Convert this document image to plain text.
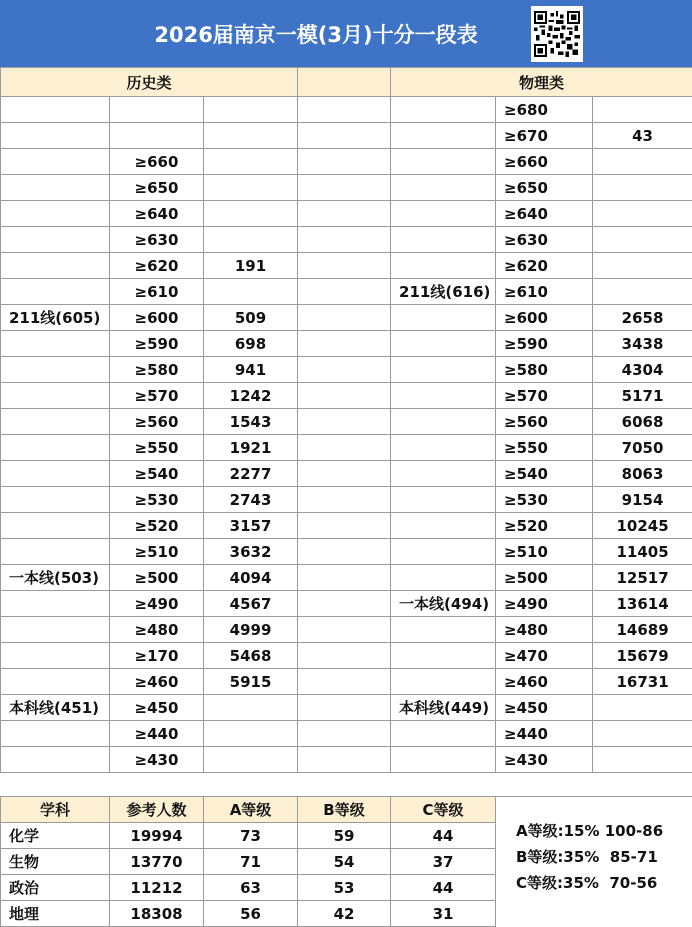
2026届南京一模(3月)十分一段表
历史类				物理类		
					≥680	
					≥670	43
	≥660				≥660	
	≥650				≥650	
	≥640				≥640	
	≥630				≥630	
	≥620	191			≥620	
	≥610			211线(616)	≥610	
211线(605)	≥600	509			≥600	2658
	≥590	698			≥590	3438
	≥580	941			≥580	4304
	≥570	1242			≥570	5171
	≥560	1543			≥560	6068
	≥550	1921			≥550	7050
	≥540	2277			≥540	8063
	≥530	2743			≥530	9154
	≥520	3157			≥520	10245
	≥510	3632			≥510	11405
一本线(503)	≥500	4094			≥500	12517
	≥490	4567		一本线(494)	≥490	13614
	≥480	4999			≥480	14689
	≥170	5468			≥470	15679
	≥460	5915			≥460	16731
本科线(451)	≥450			本科线(449)	≥450	
	≥440				≥440	
	≥430				≥430	
学科	参考人数	A等级	B等级	C等级
化学	19994	73	59	44
生物	13770	71	54	37
政治	11212	63	53	44
地理	18308	56	42	31
A等级:15% 100-86
B等级:35%  85-71
C等级:35%  70-56
